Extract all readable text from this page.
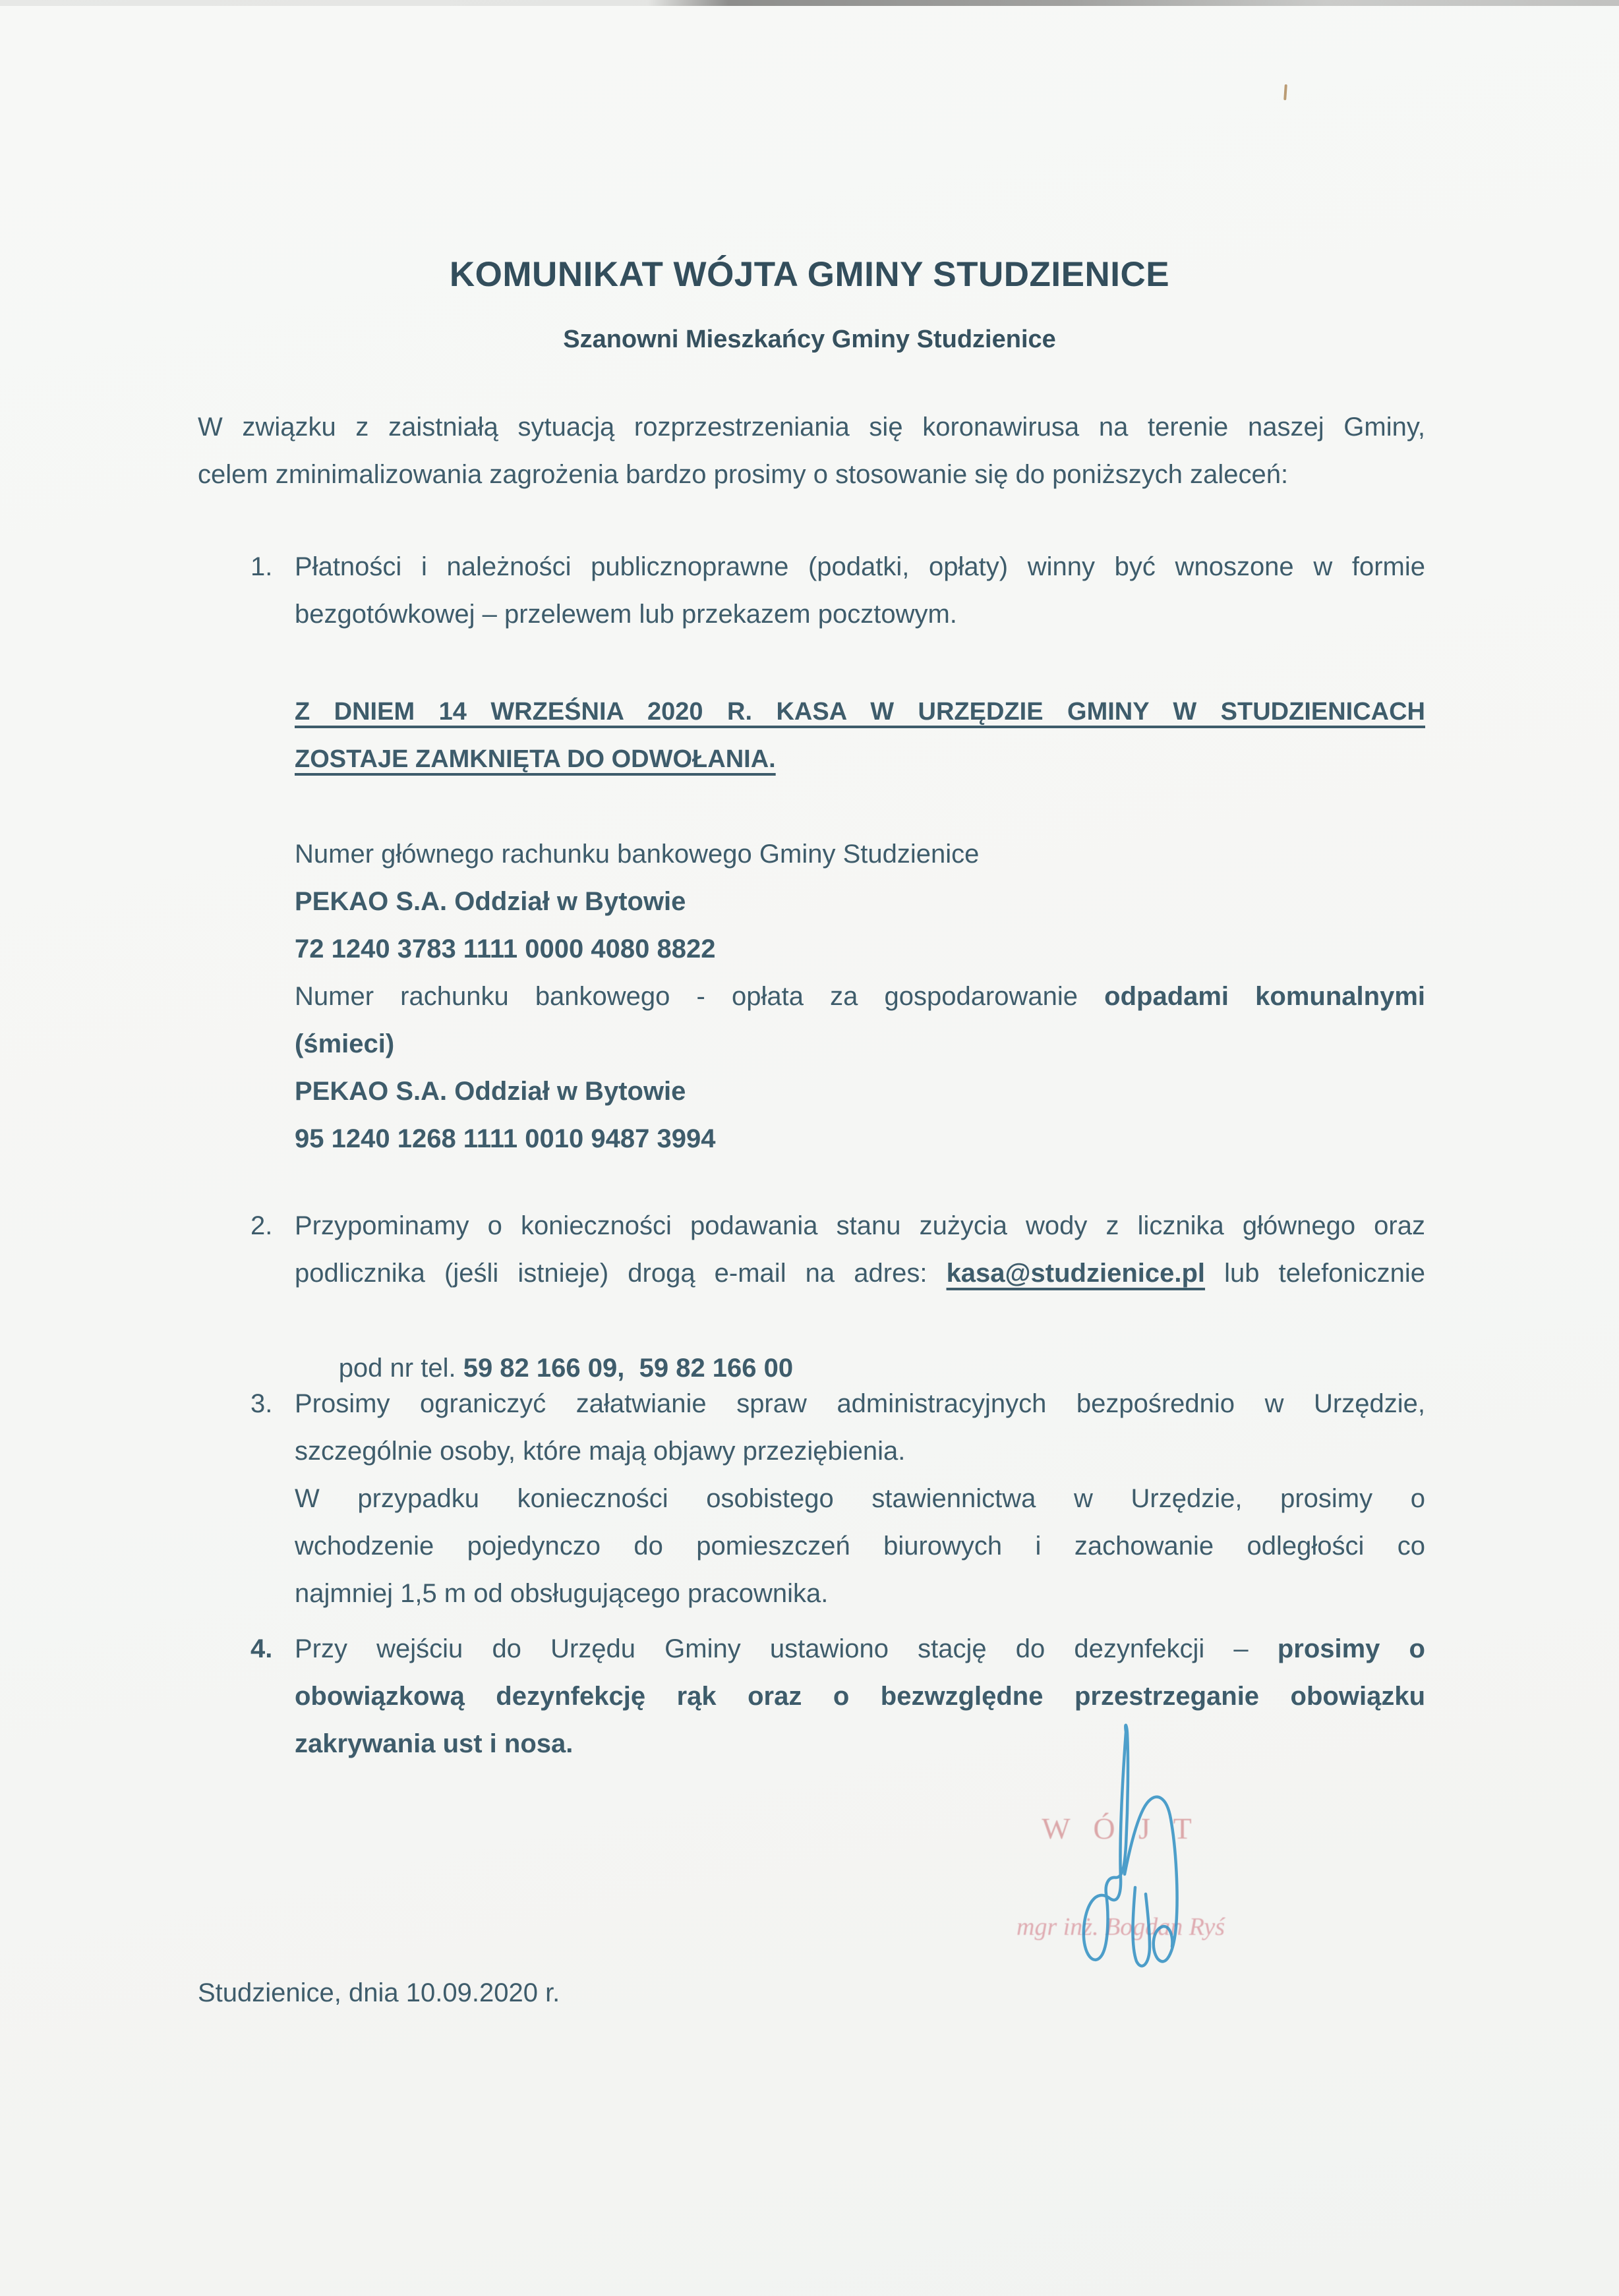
KOMUNIKAT WÓJTA GMINY STUDZIENICE
Szanowni Mieszkańcy Gminy Studzienice
W związku z zaistniałą sytuacją rozprzestrzeniania się koronawirusa na terenie naszej Gminy,
celem zminimalizowania zagrożenia bardzo prosimy o stosowanie się do poniższych zaleceń:
1. Płatności i należności publicznoprawne (podatki, opłaty) winny być wnoszone w formie
bezgotówkowej – przelewem lub przekazem pocztowym.
Z DNIEM 14 WRZEŚNIA 2020 R. KASA W URZĘDZIE GMINY W STUDZIENICACH
ZOSTAJE ZAMKNIĘTA DO ODWOŁANIA.
Numer głównego rachunku bankowego Gminy Studzienice
PEKAO S.A. Oddział w Bytowie
72 1240 3783 1111 0000 4080 8822
Numer rachunku bankowego - opłata za gospodarowanie odpadami komunalnymi
(śmieci)
PEKAO S.A. Oddział w Bytowie
95 1240 1268 1111 0010 9487 3994
2. Przypominamy o konieczności podawania stanu zużycia wody z licznika głównego oraz
podlicznika (jeśli istnieje) drogą e-mail na adres: kasa@studzienice.pl lub telefonicznie

pod nr tel. 59 82 166 09,  59 82 166 00

3. Prosimy ograniczyć załatwianie spraw administracyjnych bezpośrednio w Urzędzie,
szczególnie osoby, które mają objawy przeziębienia.
W przypadku konieczności osobistego stawiennictwa w Urzędzie, prosimy o
wchodzenie pojedynczo do pomieszczeń biurowych i zachowanie odległości co
najmniej 1,5 m od obsługującego pracownika.
4. Przy wejściu do Urzędu Gminy ustawiono stację do dezynfekcji – prosimy o
obowiązkową dezynfekcję rąk oraz o bezwzględne przestrzeganie obowiązku
zakrywania ust i nosa.
W Ó J T
mgr inż. Bogdan Ryś
Studzienice, dnia 10.09.2020 r.
